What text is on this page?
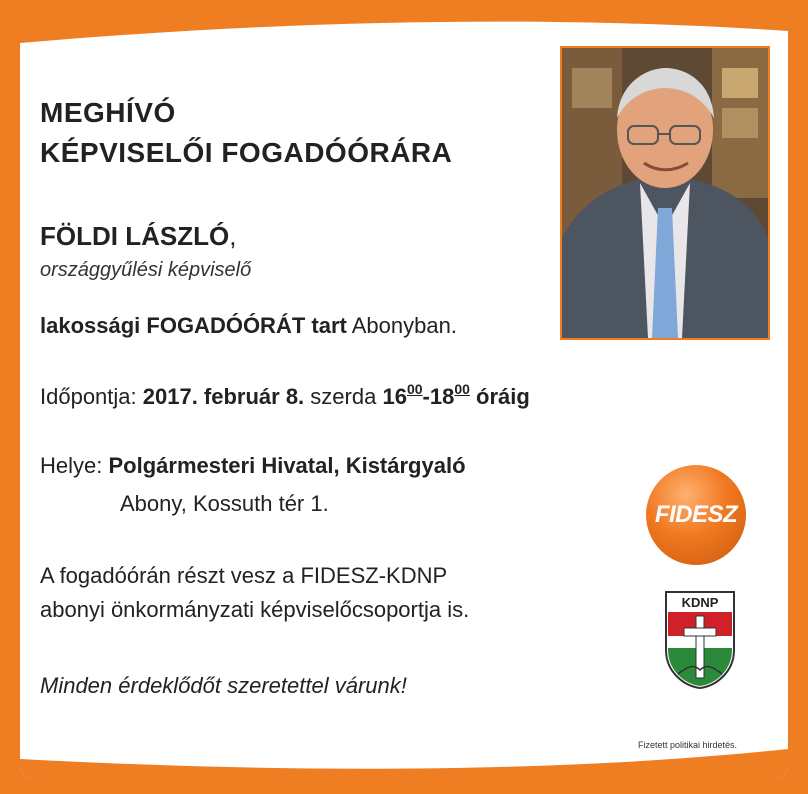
MEGHÍVÓ
KÉPVISELŐI FOGADÓÓRÁRA
FÖLDI LÁSZLÓ,
országgyűlési képviselő
lakossági FOGADÓÓRÁT tart Abonyban.
Időpontja: 2017. február 8. szerda $16^{00}-18^{00}$ óráig
Helye: Polgármesteri Hivatal, Kistárgyaló
Abony, Kossuth tér 1.
A fogadóórán részt vesz a FIDESZ-KDNP
abonyi önkormányzati képviselőcsoportja is.
Minden érdeklődőt szeretettel várunk!
FIDESZ
KDNP
Fizetett politikai hirdetés.
